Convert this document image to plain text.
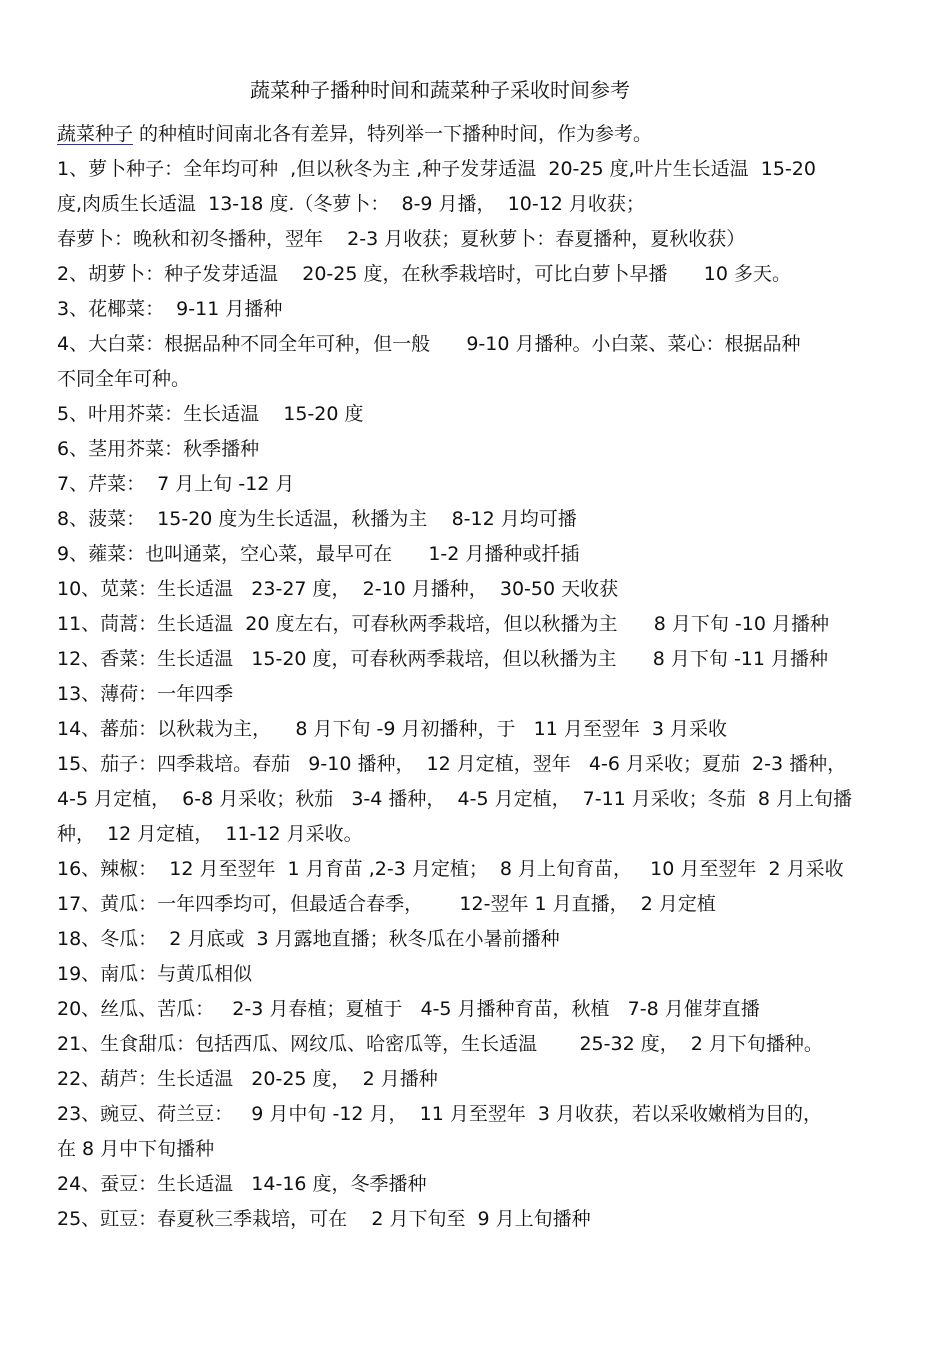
蔬菜种子播种时间和蔬菜种子采收时间参考
蔬菜种子 的种植时间南北各有差异，特列举一下播种时间，作为参考。
1、萝卜种子：全年均可种  ,但以秋冬为主 ,种子发芽适温  20-25 度,叶片生长适温  15-20
度,肉质生长适温  13-18 度.（冬萝卜：  8-9 月播，  10-12 月收获；
春萝卜：晚秋和初冬播种，翌年    2-3 月收获；夏秋萝卜：春夏播种，夏秋收获）
2、胡萝卜：种子发芽适温    20-25 度，在秋季栽培时，可比白萝卜早播      10 多天。
3、花椰菜：  9-11 月播种
4、大白菜：根据品种不同全年可种，但一般      9-10 月播种。小白菜、菜心：根据品种
不同全年可种。
5、叶用芥菜：生长适温    15-20 度
6、茎用芥菜：秋季播种
7、芹菜：  7 月上旬 -12 月
8、菠菜：  15-20 度为生长适温，秋播为主    8-12 月均可播
9、蕹菜：也叫通菜，空心菜，最早可在      1-2 月播种或扦插
10、苋菜：生长适温   23-27 度，  2-10 月播种，  30-50 天收获
11、茼蒿：生长适温  20 度左右，可春秋两季栽培，但以秋播为主      8 月下旬 -10 月播种
12、香菜：生长适温   15-20 度，可春秋两季栽培，但以秋播为主      8 月下旬 -11 月播种
13、薄荷：一年四季
14、蕃茄：以秋栽为主，    8 月下旬 -9 月初播种，于   11 月至翌年  3 月采收
15、茄子：四季栽培。春茄   9-10 播种，  12 月定植，翌年   4-6 月采收；夏茄  2-3 播种，
4-5 月定植，  6-8 月采收；秋茄   3-4 播种，  4-5 月定植，  7-11 月采收；冬茄  8 月上旬播
种，  12 月定植，  11-12 月采收。
16、辣椒：  12 月至翌年  1 月育苗 ,2-3 月定植；  8 月上旬育苗，   10 月至翌年  2 月采收
17、黄瓜：一年四季均可，但最适合春季，      12-翌年 1 月直播，  2 月定植
18、冬瓜：  2 月底或  3 月露地直播；秋冬瓜在小暑前播种
19、南瓜：与黄瓜相似
20、丝瓜、苦瓜：   2-3 月春植；夏植于   4-5 月播种育苗，秋植   7-8 月催芽直播
21、生食甜瓜：包括西瓜、网纹瓜、哈密瓜等，生长适温       25-32 度，  2 月下旬播种。
22、葫芦：生长适温   20-25 度，  2 月播种
23、豌豆、荷兰豆：   9 月中旬 -12 月，  11 月至翌年  3 月收获，若以采收嫩梢为目的，
在 8 月中下旬播种
24、蚕豆：生长适温   14-16 度，冬季播种
25、豇豆：春夏秋三季栽培，可在    2 月下旬至  9 月上旬播种
